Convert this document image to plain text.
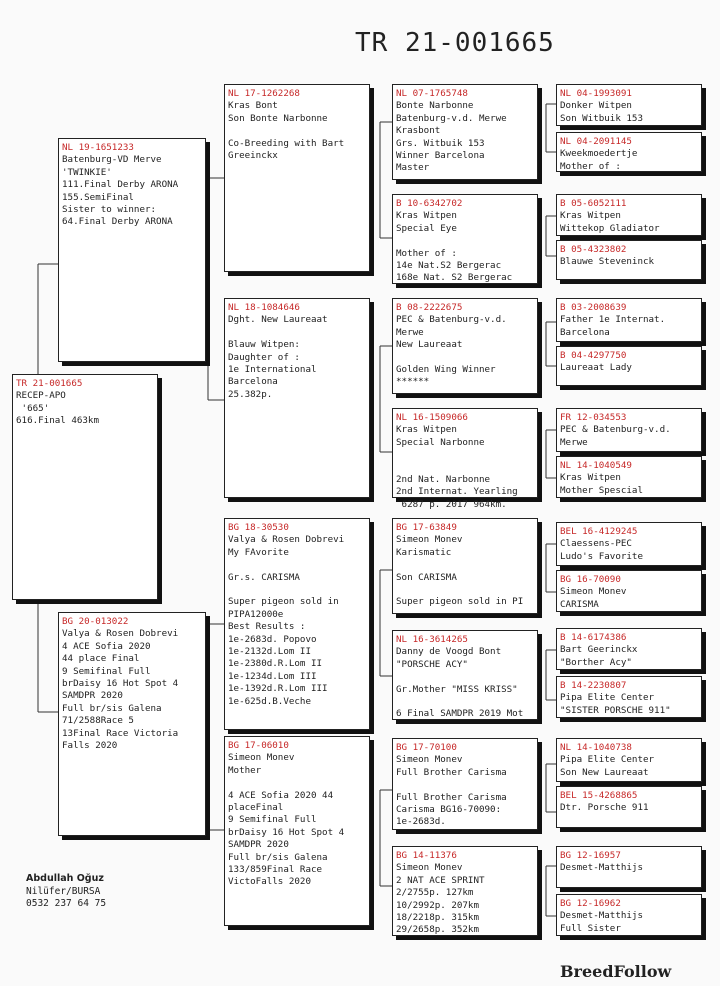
TR 21-001665
TR 21-001665
RECEP-APO
'665'
616.Final 463km
NL 19-1651233
Batenburg-VD Merve
'TWINKIE'
111.Final Derby ARONA
155.SemiFinal
Sister to winner:
64.Final Derby ARONA
BG 20-013022
Valya & Rosen Dobrevi
4 ACE Sofia 2020
44 place Final
9 Semifinal Full
brDaisy 16 Hot Spot 4
SAMDPR 2020
Full br/sis Galena
71/2588Race 5
13Final Race Victoria
Falls 2020
NL 17-1262268
Kras Bont
Son Bonte Narbonne
Co-Breeding with Bart
Greeinckx
NL 18-1084646
Dght. New Laureaat
Blauw Witpen:
Daughter of :
1e International
Barcelona
25.382p.
BG 18-30530
Valya & Rosen Dobrevi
My FAvorite
Gr.s. CARISMA
Super pigeon sold in
PIPA12000e
Best Results :
1e-2683d. Popovo
1e-2132d.Lom II
1e-2380d.R.Lom II
1e-1234d.Lom III
1e-1392d.R.Lom III
1e-625d.B.Veche
BG 17-06010
Simeon Monev
Mother
4 ACE Sofia 2020 44
placeFinal
9 Semifinal Full
brDaisy 16 Hot Spot 4
SAMDPR 2020
Full br/sis Galena
133/859Final Race
VictoFalls 2020
NL 07-1765748
Bonte Narbonne
Batenburg-v.d. Merwe
Krasbont
Grs. Witbuik 153
Winner Barcelona
Master
B 10-6342702
Kras Witpen
Special Eye
Mother of :
14e Nat.S2 Bergerac
168e Nat. S2 Bergerac
B 08-2222675
PEC & Batenburg-v.d.
Merwe
New Laureaat
Golden Wing Winner
******
NL 16-1509066
Kras Witpen
Special Narbonne
2nd Nat. Narbonne
2nd Internat. Yearling
6287 p. 2017 964km.
BG 17-63849
Simeon Monev
Karismatic
Son CARISMA
Super pigeon sold in PI
NL 16-3614265
Danny de Voogd Bont
"PORSCHE ACY"
Gr.Mother "MISS KRISS"
6 Final SAMDPR 2019 Mot
BG 17-70100
Simeon Monev
Full Brother Carisma
Full Brother Carisma
Carisma BG16-70090:
1e-2683d.
BG 14-11376
Simeon Monev
2 NAT ACE SPRINT
2/2755p. 127km
10/2992p. 207km
18/2218p. 315km
29/2658p. 352km
NL 04-1993091
Donker Witpen
Son Witbuik 153
NL 04-2091145
Kweekmoedertje
Mother of :
B 05-6052111
Kras Witpen
Wittekop Gladiator
B 05-4323802
Blauwe Steveninck
B 03-2008639
Father 1e Internat.
Barcelona
B 04-4297750
Laureaat Lady
FR 12-034553
PEC & Batenburg-v.d.
Merwe
NL 14-1040549
Kras Witpen
Mother Spescial
BEL 16-4129245
Claessens-PEC
Ludo's Favorite
BG 16-70090
Simeon Monev
CARISMA
B 14-6174386
Bart Geerinckx
"Borther Acy"
B 14-2230807
Pipa Elite Center
"SISTER PORSCHE 911"
NL 14-1040738
Pipa Elite Center
Son New Laureaat
BEL 15-4268865
Dtr. Porsche 911
BG 12-16957
Desmet-Matthijs
BG 12-16962
Desmet-Matthijs
Full Sister
Abdullah Oğuz
Nilüfer/BURSA
0532 237 64 75
BreedFollow
